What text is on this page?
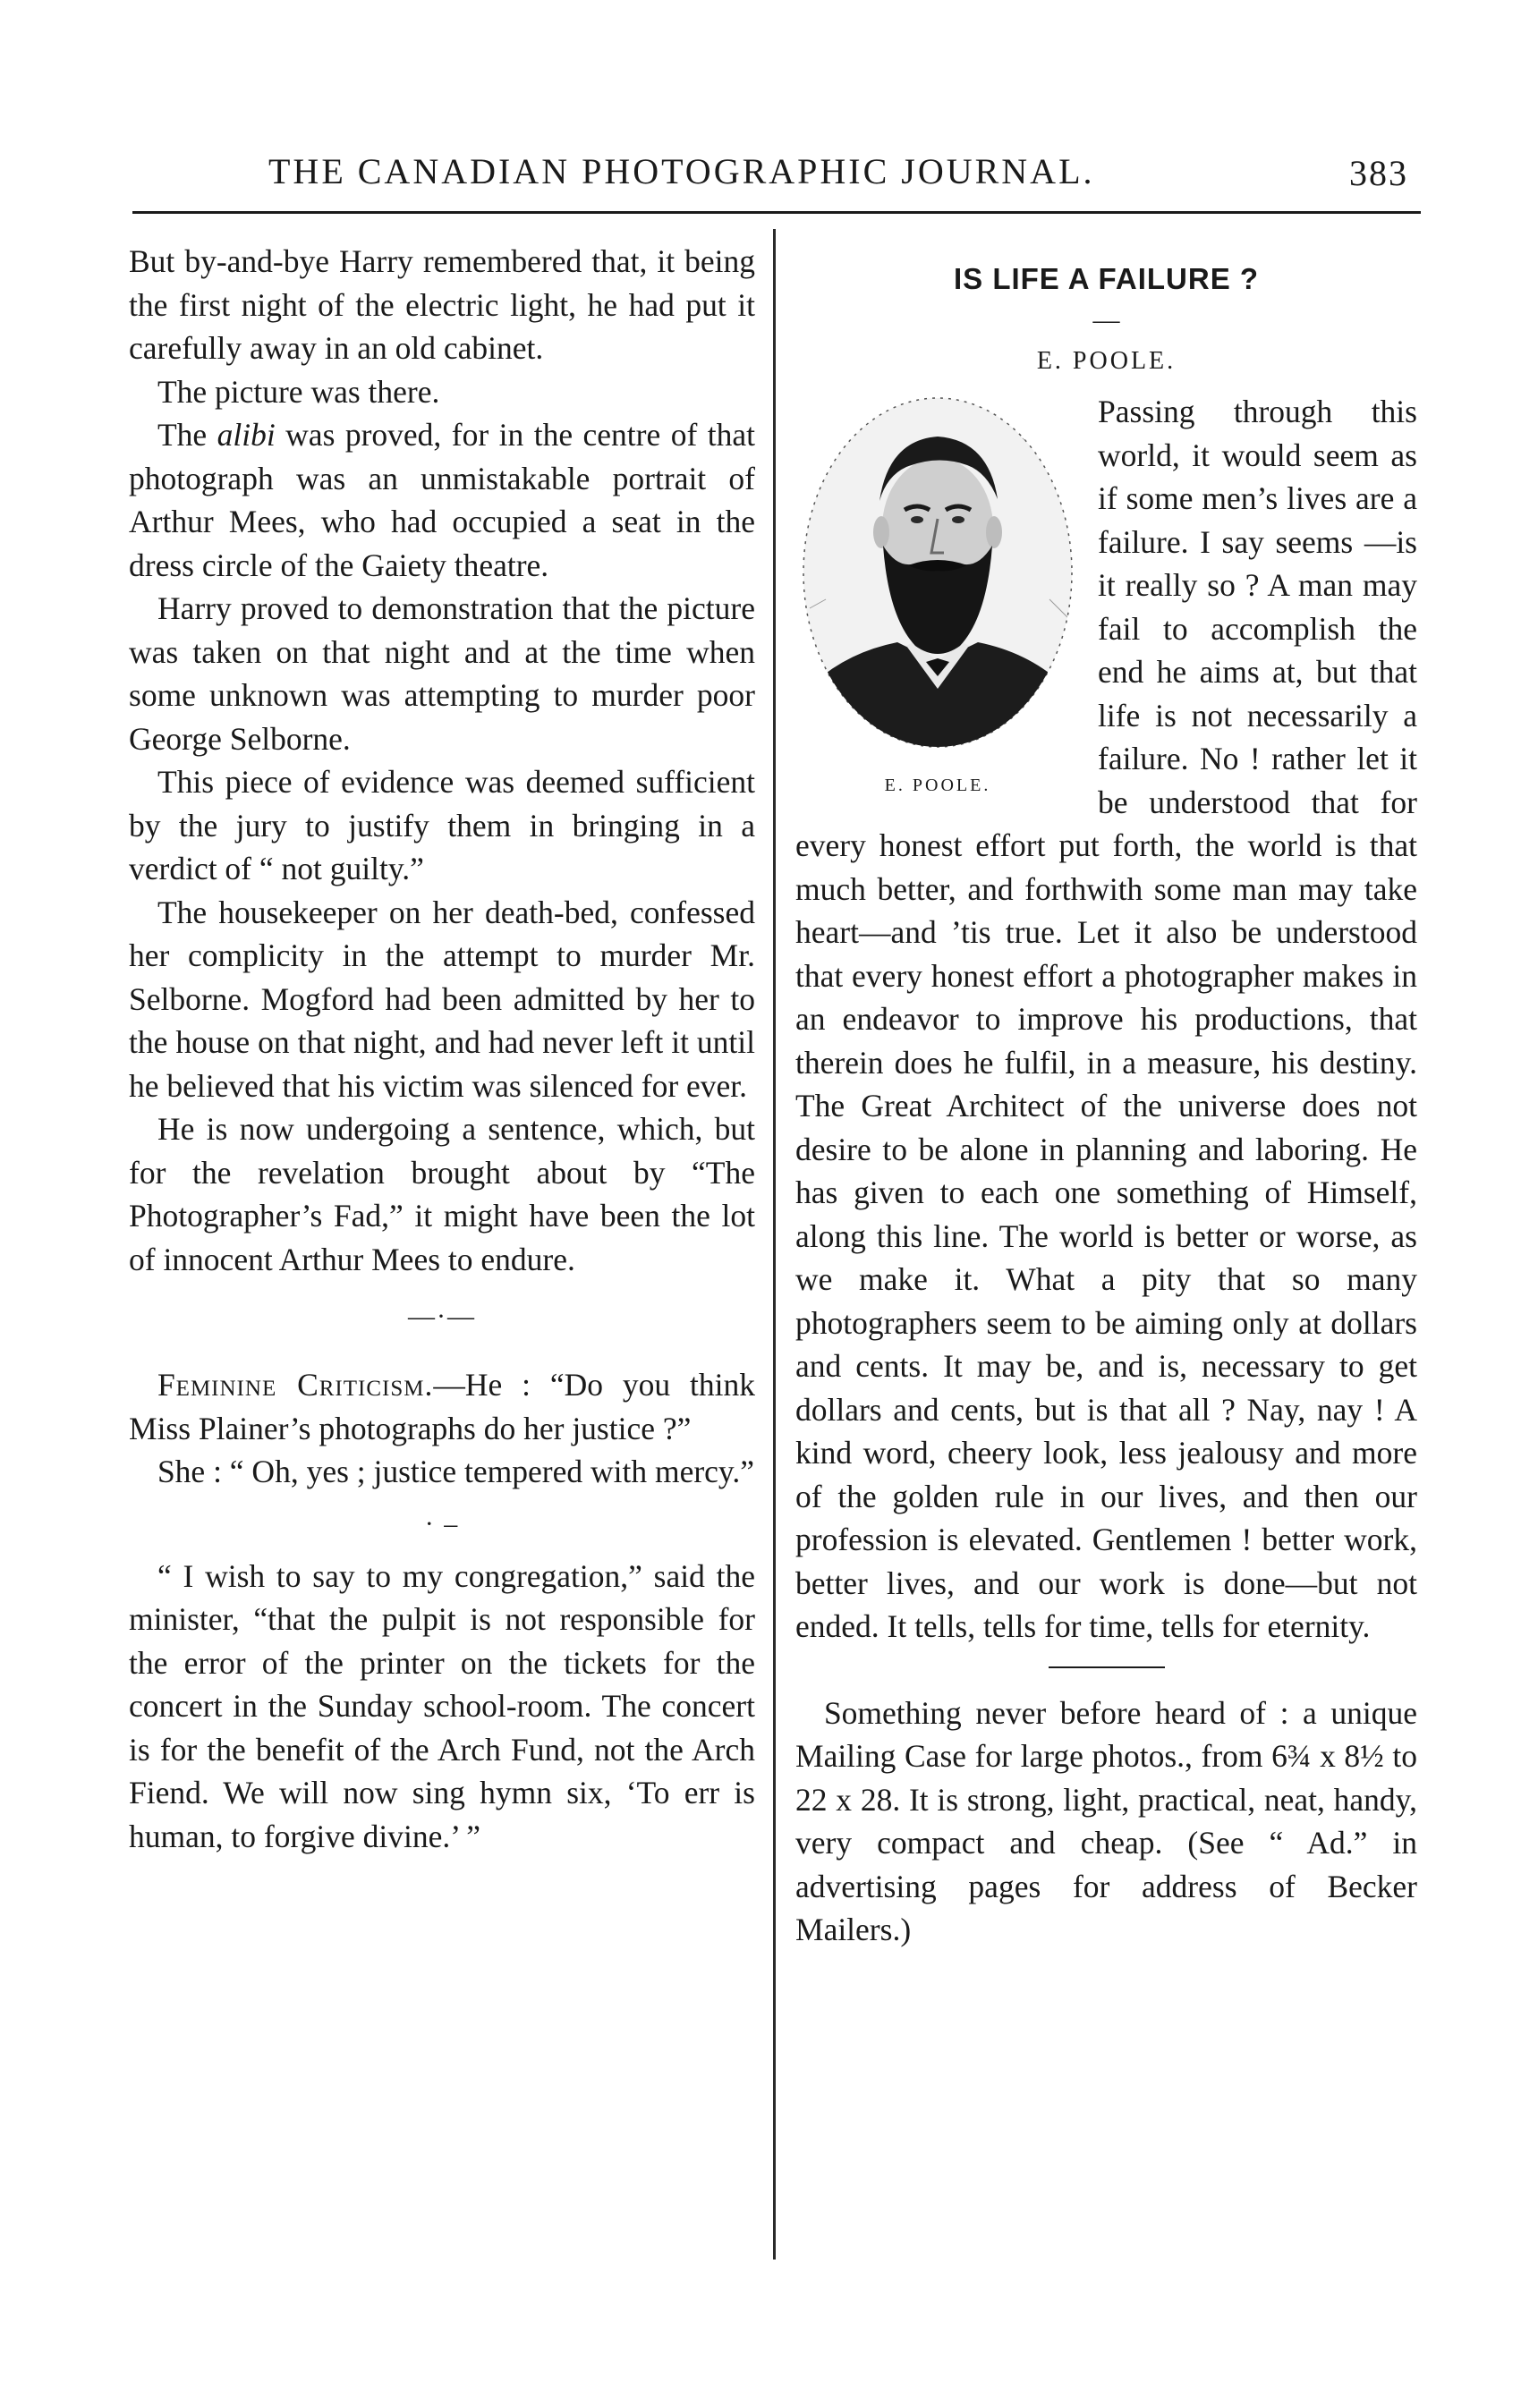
THE CANADIAN PHOTOGRAPHIC JOURNAL.	383

But by-and-bye Harry remembered that, it being the first night of the electric light, he had put it carefully away in an old cabinet.

The picture was there.

The alibi was proved, for in the centre of that photograph was an unmistakable portrait of Arthur Mees, who had occupied a seat in the dress circle of the Gaiety theatre.

Harry proved to demonstration that the picture was taken on that night and at the time when some unknown was attempting to murder poor George Selborne.

This piece of evidence was deemed sufficient by the jury to justify them in bringing in a verdict of “ not guilty.”

The housekeeper on her death-bed, confessed her complicity in the attempt to murder Mr. Selborne. Mogford had been admitted by her to the house on that night, and had never left it until he believed that his victim was silenced for ever.

He is now undergoing a sentence, which, but for the revelation brought about by “The Photographer’s Fad,” it might have been the lot of innocent Arthur Mees to endure.

—·—

Feminine Criticism.—He : “Do you think Miss Plainer’s photographs do her justice ?”

She : “ Oh, yes ; justice tempered with mercy.”

· –

“ I wish to say to my congregation,” said the minister, “that the pulpit is not responsible for the error of the printer on the tickets for the concert in the Sunday school-room. The concert is for the benefit of the Arch Fund, not the Arch Fiend. We will now sing hymn six, ‘To err is human, to forgive divine.’ ”

IS LIFE A FAILURE ?
—
E. POOLE.
E. POOLE.

Passing through this world, it would seem as if some men’s lives are a failure. I say seems —is it really so ? A man may fail to accomplish the end he aims at, but that life is not necessarily a failure. No ! rather let it be understood that for every honest effort put forth, the world is that much better, and forthwith some man may take heart—and ’tis true. Let it also be understood that every honest effort a photographer makes in an endeavor to improve his productions, that therein does he fulfil, in a measure, his destiny. The Great Architect of the universe does not desire to be alone in planning and laboring. He has given to each one something of Himself, along this line. The world is better or worse, as we make it. What a pity that so many photographers seem to be aiming only at dollars and cents. It may be, and is, necessary to get dollars and cents, but is that all ? Nay, nay ! A kind word, cheery look, less jealousy and more of the golden rule in our lives, and then our profession is elevated. Gentlemen ! better work, better lives, and our work is done—but not ended. It tells, tells for time, tells for eternity.

Something never before heard of : a unique Mailing Case for large photos., from 6¾ x 8½ to 22 x 28. It is strong, light, practical, neat, handy, very compact and cheap. (See “ Ad.” in advertising pages for address of Becker Mailers.)
